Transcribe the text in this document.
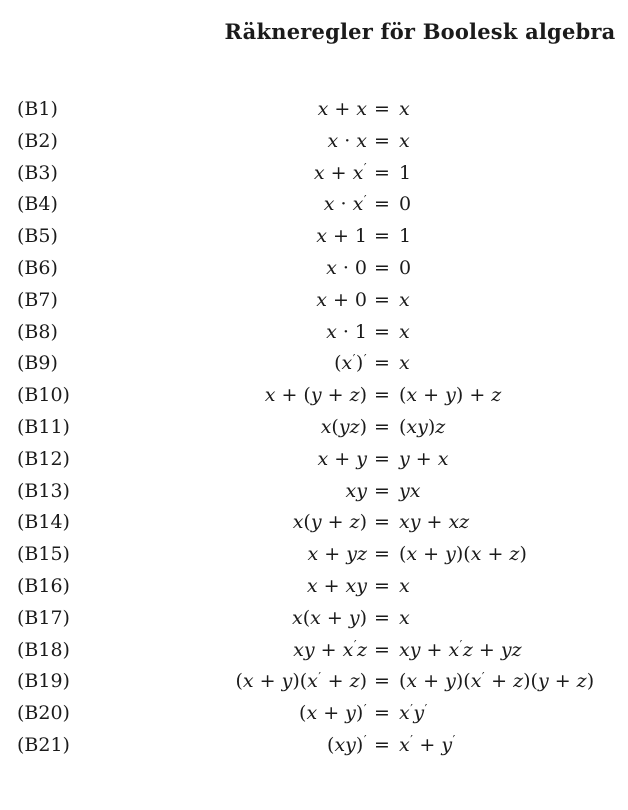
Räkneregler för Boolesk algebra
(B1)	x + x = x
(B2)	x · x = x
(B3)	x + x′ = 1
(B4)	x · x′ = 0
(B5)	x + 1 = 1
(B6)	x · 0 = 0
(B7)	x + 0 = x
(B8)	x · 1 = x
(B9)	(x′)′ = x
(B10)	x + (y + z) = (x + y) + z
(B11)	x(yz) = (xy)z
(B12)	x + y = y + x
(B13)	xy = yx
(B14)	x(y + z) = xy + xz
(B15)	x + yz = (x + y)(x + z)
(B16)	x + xy = x
(B17)	x(x + y) = x
(B18)	xy + x′z = xy + x′z + yz
(B19)	(x + y)(x′ + z) = (x + y)(x′ + z)(y + z)
(B20)	(x + y)′ = x′y′
(B21)	(xy)′ = x′ + y′
